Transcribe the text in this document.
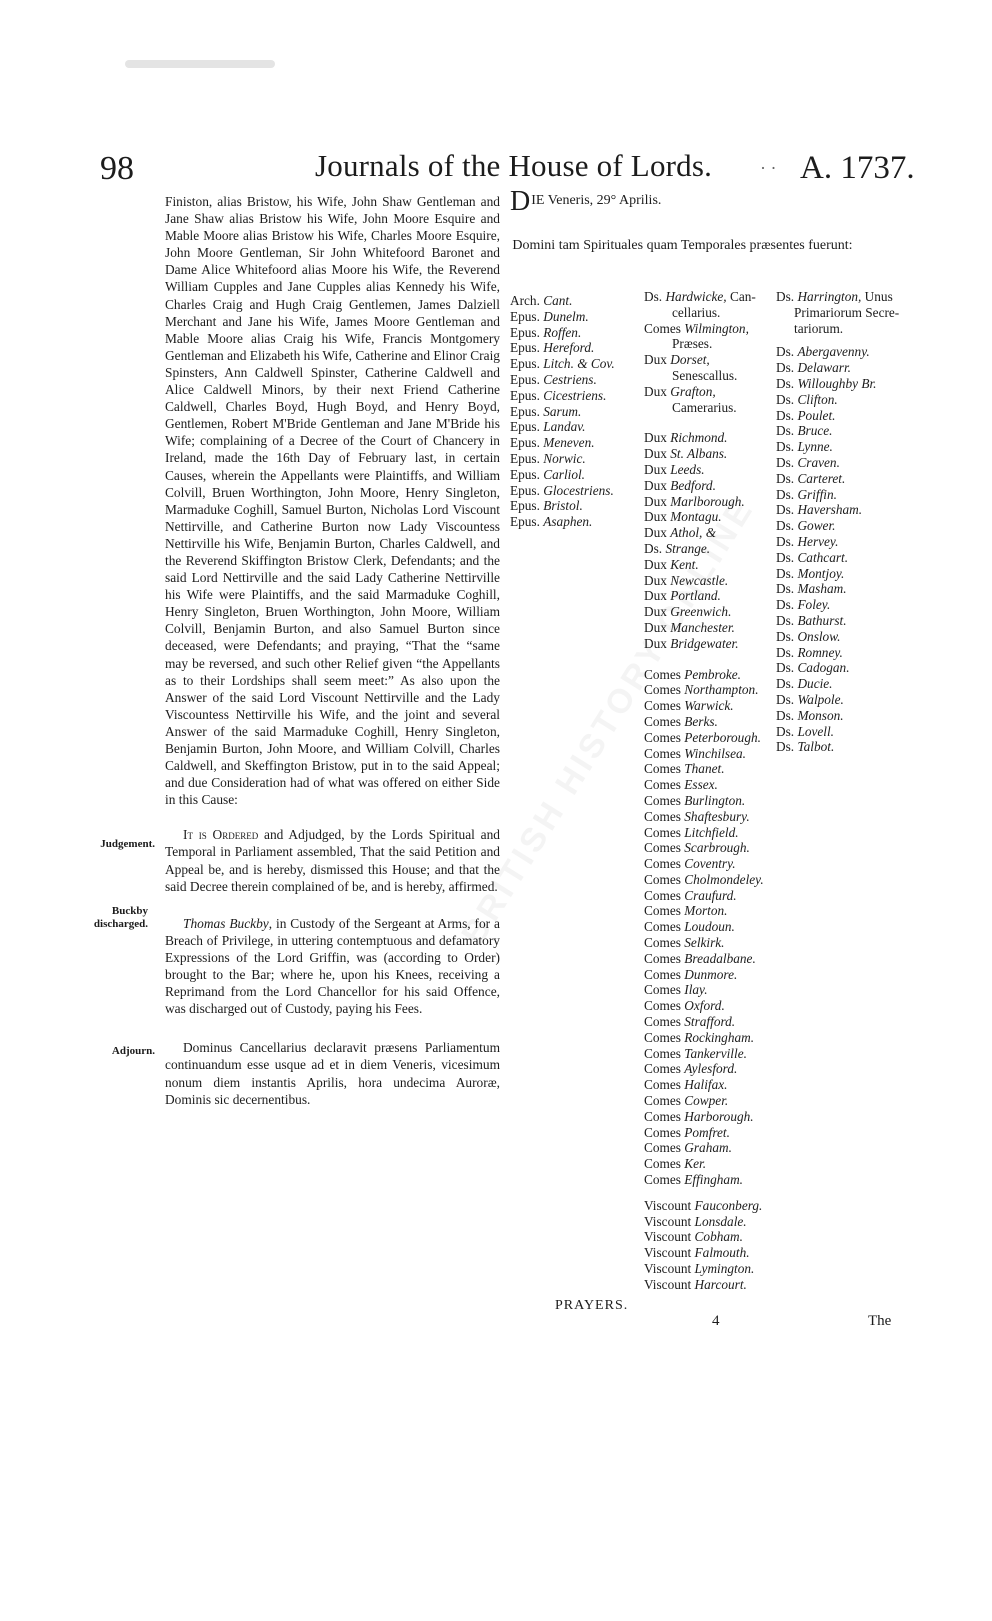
· ·
98	Journals of the House of Lords.	A. 1737.

Finiston, alias Bristow, his Wife, John Shaw Gentleman and Jane Shaw alias Bristow his Wife, John Moore Esquire and Mable Moore alias Bristow his Wife, Charles Moore Esquire, John Moore Gentleman, Sir John Whitefoord Baronet and Dame Alice Whitefoord alias Moore his Wife, the Reverend William Cupples and Jane Cupples alias Kennedy his Wife, Charles Craig and Hugh Craig Gentlemen, James Dalziell Merchant and Jane his Wife, James Moore Gentleman and Mable Moore alias Craig his Wife, Francis Montgomery Gentleman and Elizabeth his Wife, Catherine and Elinor Craig Spinsters, Ann Caldwell Spinster, Catherine Caldwell and Alice Caldwell Minors, by their next Friend Catherine Caldwell, Charles Boyd, Hugh Boyd, and Henry Boyd, Gentlemen, Robert M'Bride Gentleman and Jane M'Bride his Wife; complaining of a Decree of the Court of Chancery in Ireland, made the 16th Day of February last, in certain Causes, wherein the Appellants were Plaintiffs, and William Colvill, Bruen Worthington, John Moore, Henry Singleton, Marmaduke Coghill, Samuel Burton, Nicholas Lord Viscount Nettirville, and Catherine Burton now Lady Viscountess Nettirville his Wife, Benjamin Burton, Charles Caldwell, and the Reverend Skiffington Bristow Clerk, Defendants; and the said Lord Nettirville and the said Lady Catherine Nettirville his Wife were Plaintiffs, and the said Marmaduke Coghill, Henry Singleton, Bruen Worthington, John Moore, William Colvill, Benjamin Burton, and also Samuel Burton since deceased, were Defendants; and praying, “That the “same may be reversed, and such other Relief given “the Appellants as to their Lordships shall seem meet:” As also upon the Answer of the said Lord Viscount Nettirville and the Lady Viscountess Nettirville his Wife, and the joint and several Answer of the said Marmaduke Coghill, Henry Singleton, Benjamin Burton, John Moore, and William Colvill, Charles Caldwell, and Skeffington Bristow, put in to the said Appeal; and due Consideration had of what was offered on either Side in this Cause:

It is Ordered and Adjudged, by the Lords Spiritual and Temporal in Parliament assembled, That the said Petition and Appeal be, and is hereby, dismissed this House; and that the said Decree therein complained of be, and is hereby, affirmed.

Thomas Buckby, in Custody of the Sergeant at Arms, for a Breach of Privilege, in uttering contemptuous and defamatory Expressions of the Lord Griffin, was (according to Order) brought to the Bar; where he, upon his Knees, receiving a Reprimand from the Lord Chancellor for his said Offence, was discharged out of Custody, paying his Fees.

Dominus Cancellarius declaravit præsens Parliamentum continuandum esse usque ad et in diem Veneris, vicesimum nonum diem instantis Aprilis, hora undecima Auroræ, Dominis sic decernentibus.

Judgement.
Buckby discharged.
Adjourn.
DIE Veneris, 29° Aprilis.
Domini tam Spirituales quam Temporales præsentes fuerunt:
Arch. Cant.
Epus. Dunelm.
Epus. Roffen.
Epus. Hereford.
Epus. Litch. & Cov.
Epus. Cestriens.
Epus. Cicestriens.
Epus. Sarum.
Epus. Landav.
Epus. Meneven.
Epus. Norwic.
Epus. Carliol.
Epus. Glocestriens.
Epus. Bristol.
Epus. Asaphen.
Ds. Hardwicke, Can-
cellarius.
Comes Wilmington,
Præses.
Dux Dorset,
Senescallus.
Dux Grafton,
Camerarius.
Dux Richmond.
Dux St. Albans.
Dux Leeds.
Dux Bedford.
Dux Marlborough.
Dux Montagu.
Dux Athol, &
Ds. Strange.
Dux Kent.
Dux Newcastle.
Dux Portland.
Dux Greenwich.
Dux Manchester.
Dux Bridgewater.
Comes Pembroke.
Comes Northampton.
Comes Warwick.
Comes Berks.
Comes Peterborough.
Comes Winchilsea.
Comes Thanet.
Comes Essex.
Comes Burlington.
Comes Shaftesbury.
Comes Litchfield.
Comes Scarbrough.
Comes Coventry.
Comes Cholmondeley.
Comes Craufurd.
Comes Morton.
Comes Loudoun.
Comes Selkirk.
Comes Breadalbane.
Comes Dunmore.
Comes Ilay.
Comes Oxford.
Comes Strafford.
Comes Rockingham.
Comes Tankerville.
Comes Aylesford.
Comes Halifax.
Comes Cowper.
Comes Harborough.
Comes Pomfret.
Comes Graham.
Comes Ker.
Comes Effingham.
Viscount Fauconberg.
Viscount Lonsdale.
Viscount Cobham.
Viscount Falmouth.
Viscount Lymington.
Viscount Harcourt.
Ds. Harrington, Unus
Primariorum Secre-
tariorum.
Ds. Abergavenny.
Ds. Delawarr.
Ds. Willoughby Br.
Ds. Clifton.
Ds. Poulet.
Ds. Bruce.
Ds. Lynne.
Ds. Craven.
Ds. Carteret.
Ds. Griffin.
Ds. Haversham.
Ds. Gower.
Ds. Hervey.
Ds. Cathcart.
Ds. Montjoy.
Ds. Masham.
Ds. Foley.
Ds. Bathurst.
Ds. Onslow.
Ds. Romney.
Ds. Cadogan.
Ds. Ducie.
Ds. Walpole.
Ds. Monson.
Ds. Lovell.
Ds. Talbot.
PRAYERS.
4	The
